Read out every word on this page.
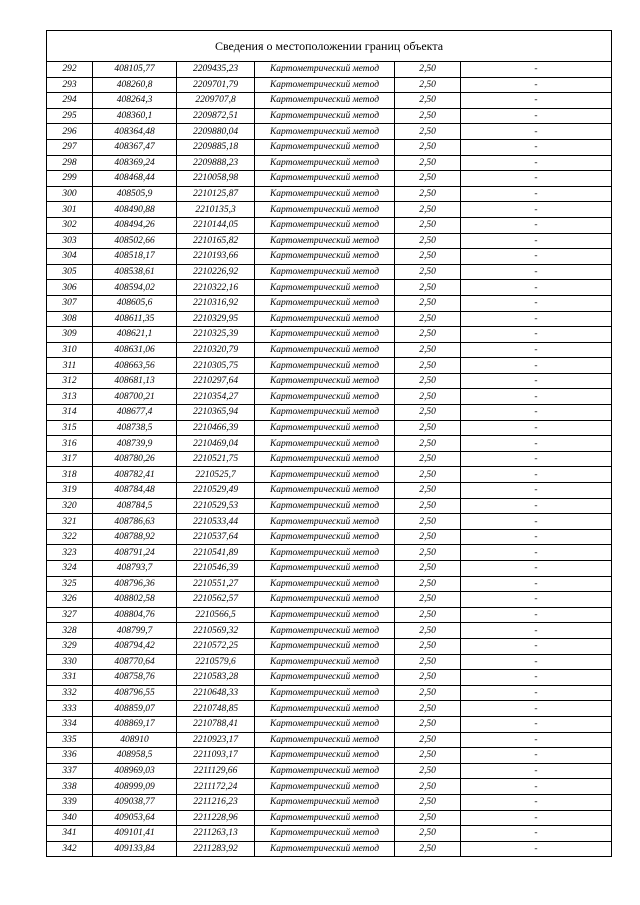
Сведения о местоположении границ объекта					
292	408105,77	2209435,23	Картометрический метод	2,50	-
293	408260,8	2209701,79	Картометрический метод	2,50	-
294	408264,3	2209707,8	Картометрический метод	2,50	-
295	408360,1	2209872,51	Картометрический метод	2,50	-
296	408364,48	2209880,04	Картометрический метод	2,50	-
297	408367,47	2209885,18	Картометрический метод	2,50	-
298	408369,24	2209888,23	Картометрический метод	2,50	-
299	408468,44	2210058,98	Картометрический метод	2,50	-
300	408505,9	2210125,87	Картометрический метод	2,50	-
301	408490,88	2210135,3	Картометрический метод	2,50	-
302	408494,26	2210144,05	Картометрический метод	2,50	-
303	408502,66	2210165,82	Картометрический метод	2,50	-
304	408518,17	2210193,66	Картометрический метод	2,50	-
305	408538,61	2210226,92	Картометрический метод	2,50	-
306	408594,02	2210322,16	Картометрический метод	2,50	-
307	408605,6	2210316,92	Картометрический метод	2,50	-
308	408611,35	2210329,95	Картометрический метод	2,50	-
309	408621,1	2210325,39	Картометрический метод	2,50	-
310	408631,06	2210320,79	Картометрический метод	2,50	-
311	408663,56	2210305,75	Картометрический метод	2,50	-
312	408681,13	2210297,64	Картометрический метод	2,50	-
313	408700,21	2210354,27	Картометрический метод	2,50	-
314	408677,4	2210365,94	Картометрический метод	2,50	-
315	408738,5	2210466,39	Картометрический метод	2,50	-
316	408739,9	2210469,04	Картометрический метод	2,50	-
317	408780,26	2210521,75	Картометрический метод	2,50	-
318	408782,41	2210525,7	Картометрический метод	2,50	-
319	408784,48	2210529,49	Картометрический метод	2,50	-
320	408784,5	2210529,53	Картометрический метод	2,50	-
321	408786,63	2210533,44	Картометрический метод	2,50	-
322	408788,92	2210537,64	Картометрический метод	2,50	-
323	408791,24	2210541,89	Картометрический метод	2,50	-
324	408793,7	2210546,39	Картометрический метод	2,50	-
325	408796,36	2210551,27	Картометрический метод	2,50	-
326	408802,58	2210562,57	Картометрический метод	2,50	-
327	408804,76	2210566,5	Картометрический метод	2,50	-
328	408799,7	2210569,32	Картометрический метод	2,50	-
329	408794,42	2210572,25	Картометрический метод	2,50	-
330	408770,64	2210579,6	Картометрический метод	2,50	-
331	408758,76	2210583,28	Картометрический метод	2,50	-
332	408796,55	2210648,33	Картометрический метод	2,50	-
333	408859,07	2210748,85	Картометрический метод	2,50	-
334	408869,17	2210788,41	Картометрический метод	2,50	-
335	408910	2210923,17	Картометрический метод	2,50	-
336	408958,5	2211093,17	Картометрический метод	2,50	-
337	408969,03	2211129,66	Картометрический метод	2,50	-
338	408999,09	2211172,24	Картометрический метод	2,50	-
339	409038,77	2211216,23	Картометрический метод	2,50	-
340	409053,64	2211228,96	Картометрический метод	2,50	-
341	409101,41	2211263,13	Картометрический метод	2,50	-
342	409133,84	2211283,92	Картометрический метод	2,50	-
